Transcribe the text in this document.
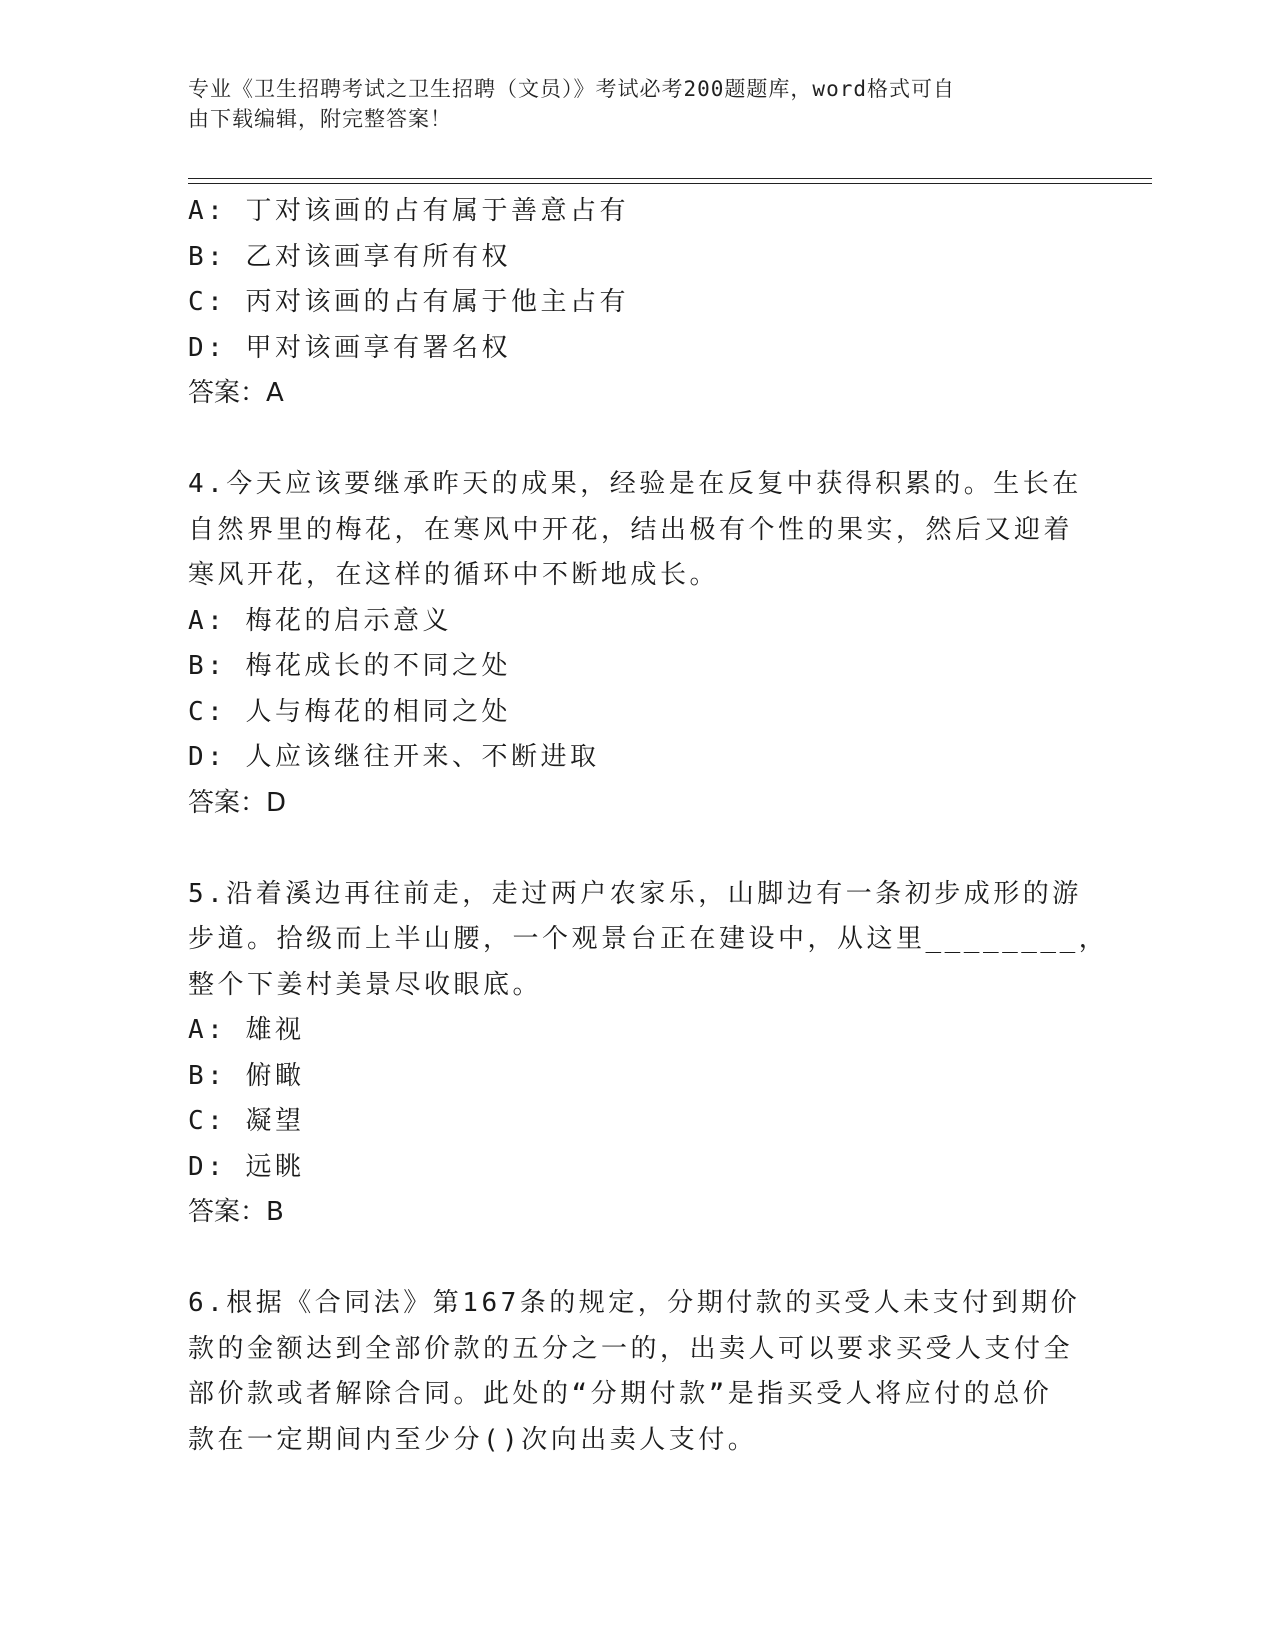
专业《卫生招聘考试之卫生招聘（文员）》考试必考200题题库，word格式可自
由下载编辑，附完整答案！
A: 丁对该画的占有属于善意占有
B: 乙对该画享有所有权
C: 丙对该画的占有属于他主占有
D: 甲对该画享有署名权
答案：A
4.今天应该要继承昨天的成果，经验是在反复中获得积累的。生长在
自然界里的梅花，在寒风中开花，结出极有个性的果实，然后又迎着
寒风开花，在这样的循环中不断地成长。
A: 梅花的启示意义
B: 梅花成长的不同之处
C: 人与梅花的相同之处
D: 人应该继往开来、不断进取
答案：D
5.沿着溪边再往前走，走过两户农家乐，山脚边有一条初步成形的游
步道。拾级而上半山腰，一个观景台正在建设中，从这里________，
整个下姜村美景尽收眼底。
A: 雄视
B: 俯瞰
C: 凝望
D: 远眺
答案：B
6.根据《合同法》第167条的规定，分期付款的买受人未支付到期价
款的金额达到全部价款的五分之一的，出卖人可以要求买受人支付全
部价款或者解除合同。此处的“分期付款”是指买受人将应付的总价
款在一定期间内至少分()次向出卖人支付。
